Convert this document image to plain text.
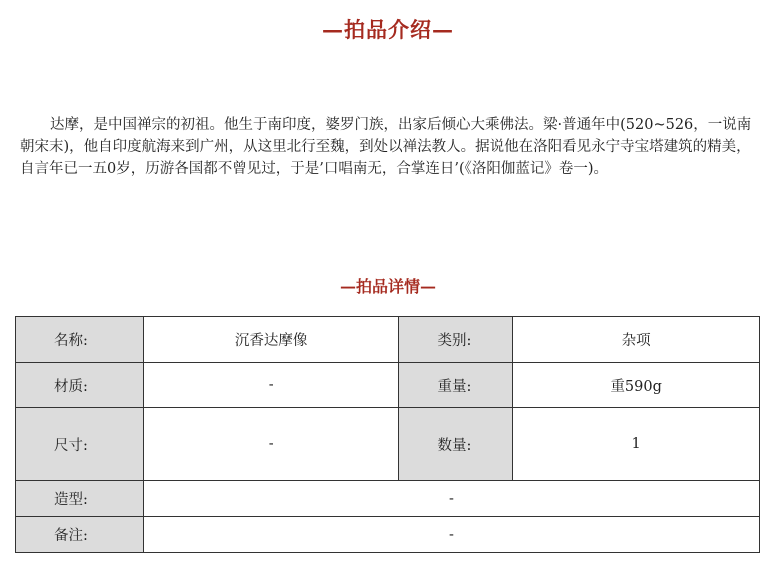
—拍品介绍—

达摩，是中国禅宗的初祖。他生于南印度，婆罗门族，出家后倾心大乘佛法。梁·普通年中(520~526，一说南朝宋末)，他自印度航海来到广州，从这里北行至魏，到处以禅法教人。据说他在洛阳看见永宁寺宝塔建筑的精美，自言年已一五0岁，历游各国都不曾见过，于是’口唱南无，合掌连日’(《洛阳伽蓝记》卷一)。

—拍品详情—
名称:	沉香达摩像	类别:	杂项
材质:	-	重量:	重590g
尺寸:	-	数量:	1
造型:	-		
备注:	-		
